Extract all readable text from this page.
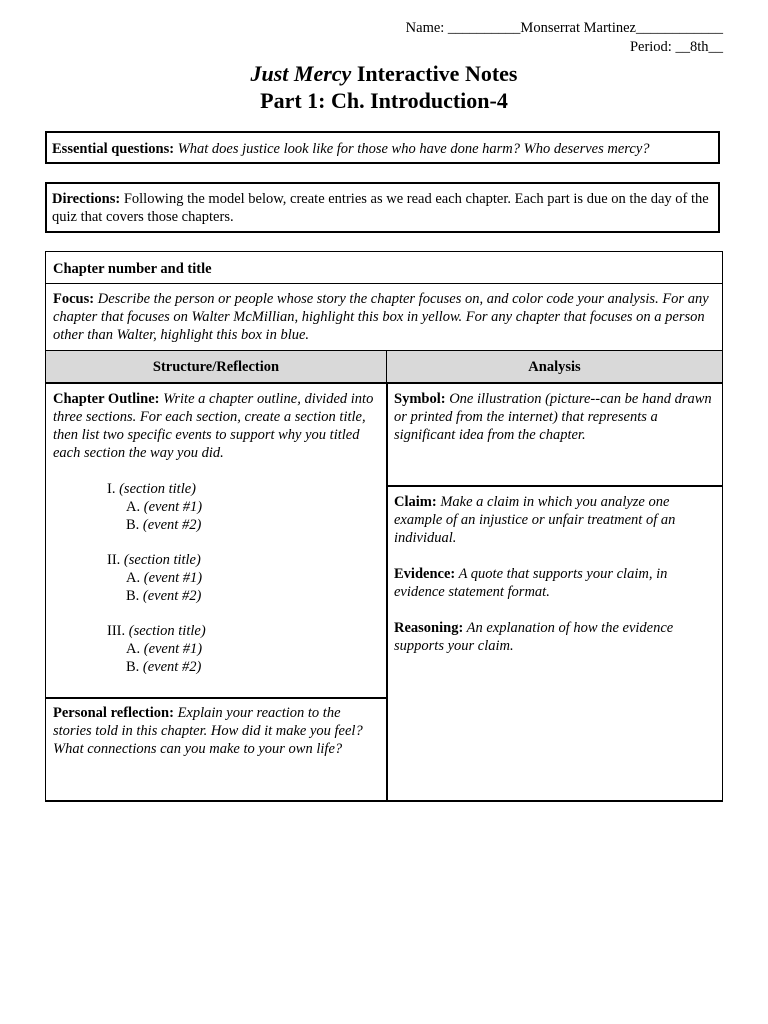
Name: __________Monserrat Martinez____________
Period: __8th__
Just Mercy Interactive Notes
Part 1: Ch. Introduction-4
Essential questions: What does justice look like for those who have done harm? Who deserves mercy?
Directions: Following the model below, create entries as we read each chapter. Each part is due on the day of the quiz that covers those chapters.
Chapter number and title
Focus: Describe the person or people whose story the chapter focuses on, and color code your analysis. For any chapter that focuses on Walter McMillian, highlight this box in yellow. For any chapter that focuses on a person other than Walter, highlight this box in blue.
Structure/Reflection	Analysis
Chapter Outline: Write a chapter outline, divided into three sections. For each section, create a section title, then list two specific events to support why you titled each section the way you did.
I. (section title)
A. (event #1)
B. (event #2)
II. (section title)
A. (event #1)
B. (event #2)
III. (section title)
A. (event #1)
B. (event #2)
Personal reflection: Explain your reaction to the stories told in this chapter. How did it make you feel? What connections can you make to your own life?
Symbol: One illustration (picture--can be hand drawn or printed from the internet) that represents a significant idea from the chapter.
Claim: Make a claim in which you analyze one example of an injustice or unfair treatment of an individual.
Evidence: A quote that supports your claim, in evidence statement format.
Reasoning: An explanation of how the evidence supports your claim.
